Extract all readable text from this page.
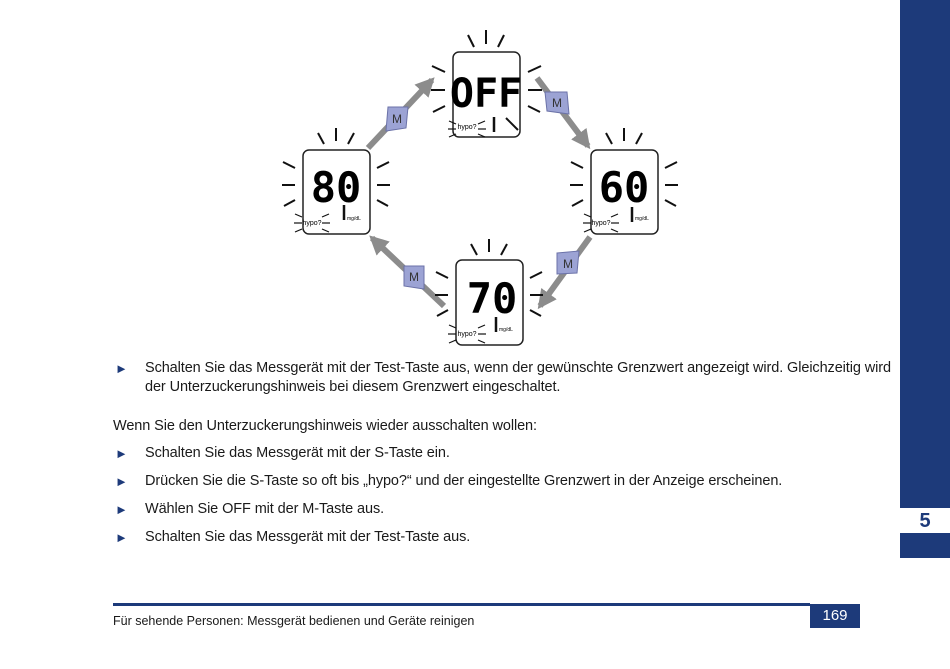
5
M
M
M
M
OFF
hypo?
80
hypo?
mg/dL
60
hypo?
mg/dL
70
hypo?
mg/dL
► Schalten Sie das Messgerät mit der Test-Taste aus, wenn der gewünschte Grenzwert angezeigt wird. Gleichzeitig wird
der Unterzuckerungshinweis bei diesem Grenzwert eingeschaltet.
Wenn Sie den Unterzuckerungshinweis wieder ausschalten wollen:
► Schalten Sie das Messgerät mit der S-Taste ein.
► Drücken Sie die S-Taste so oft bis „hypo?“ und der eingestellte Grenzwert in der Anzeige erscheinen.
► Wählen Sie OFF mit der M-Taste aus.
► Schalten Sie das Messgerät mit der Test-Taste aus.
Für sehende Personen: Messgerät bedienen und Geräte reinigen	169
